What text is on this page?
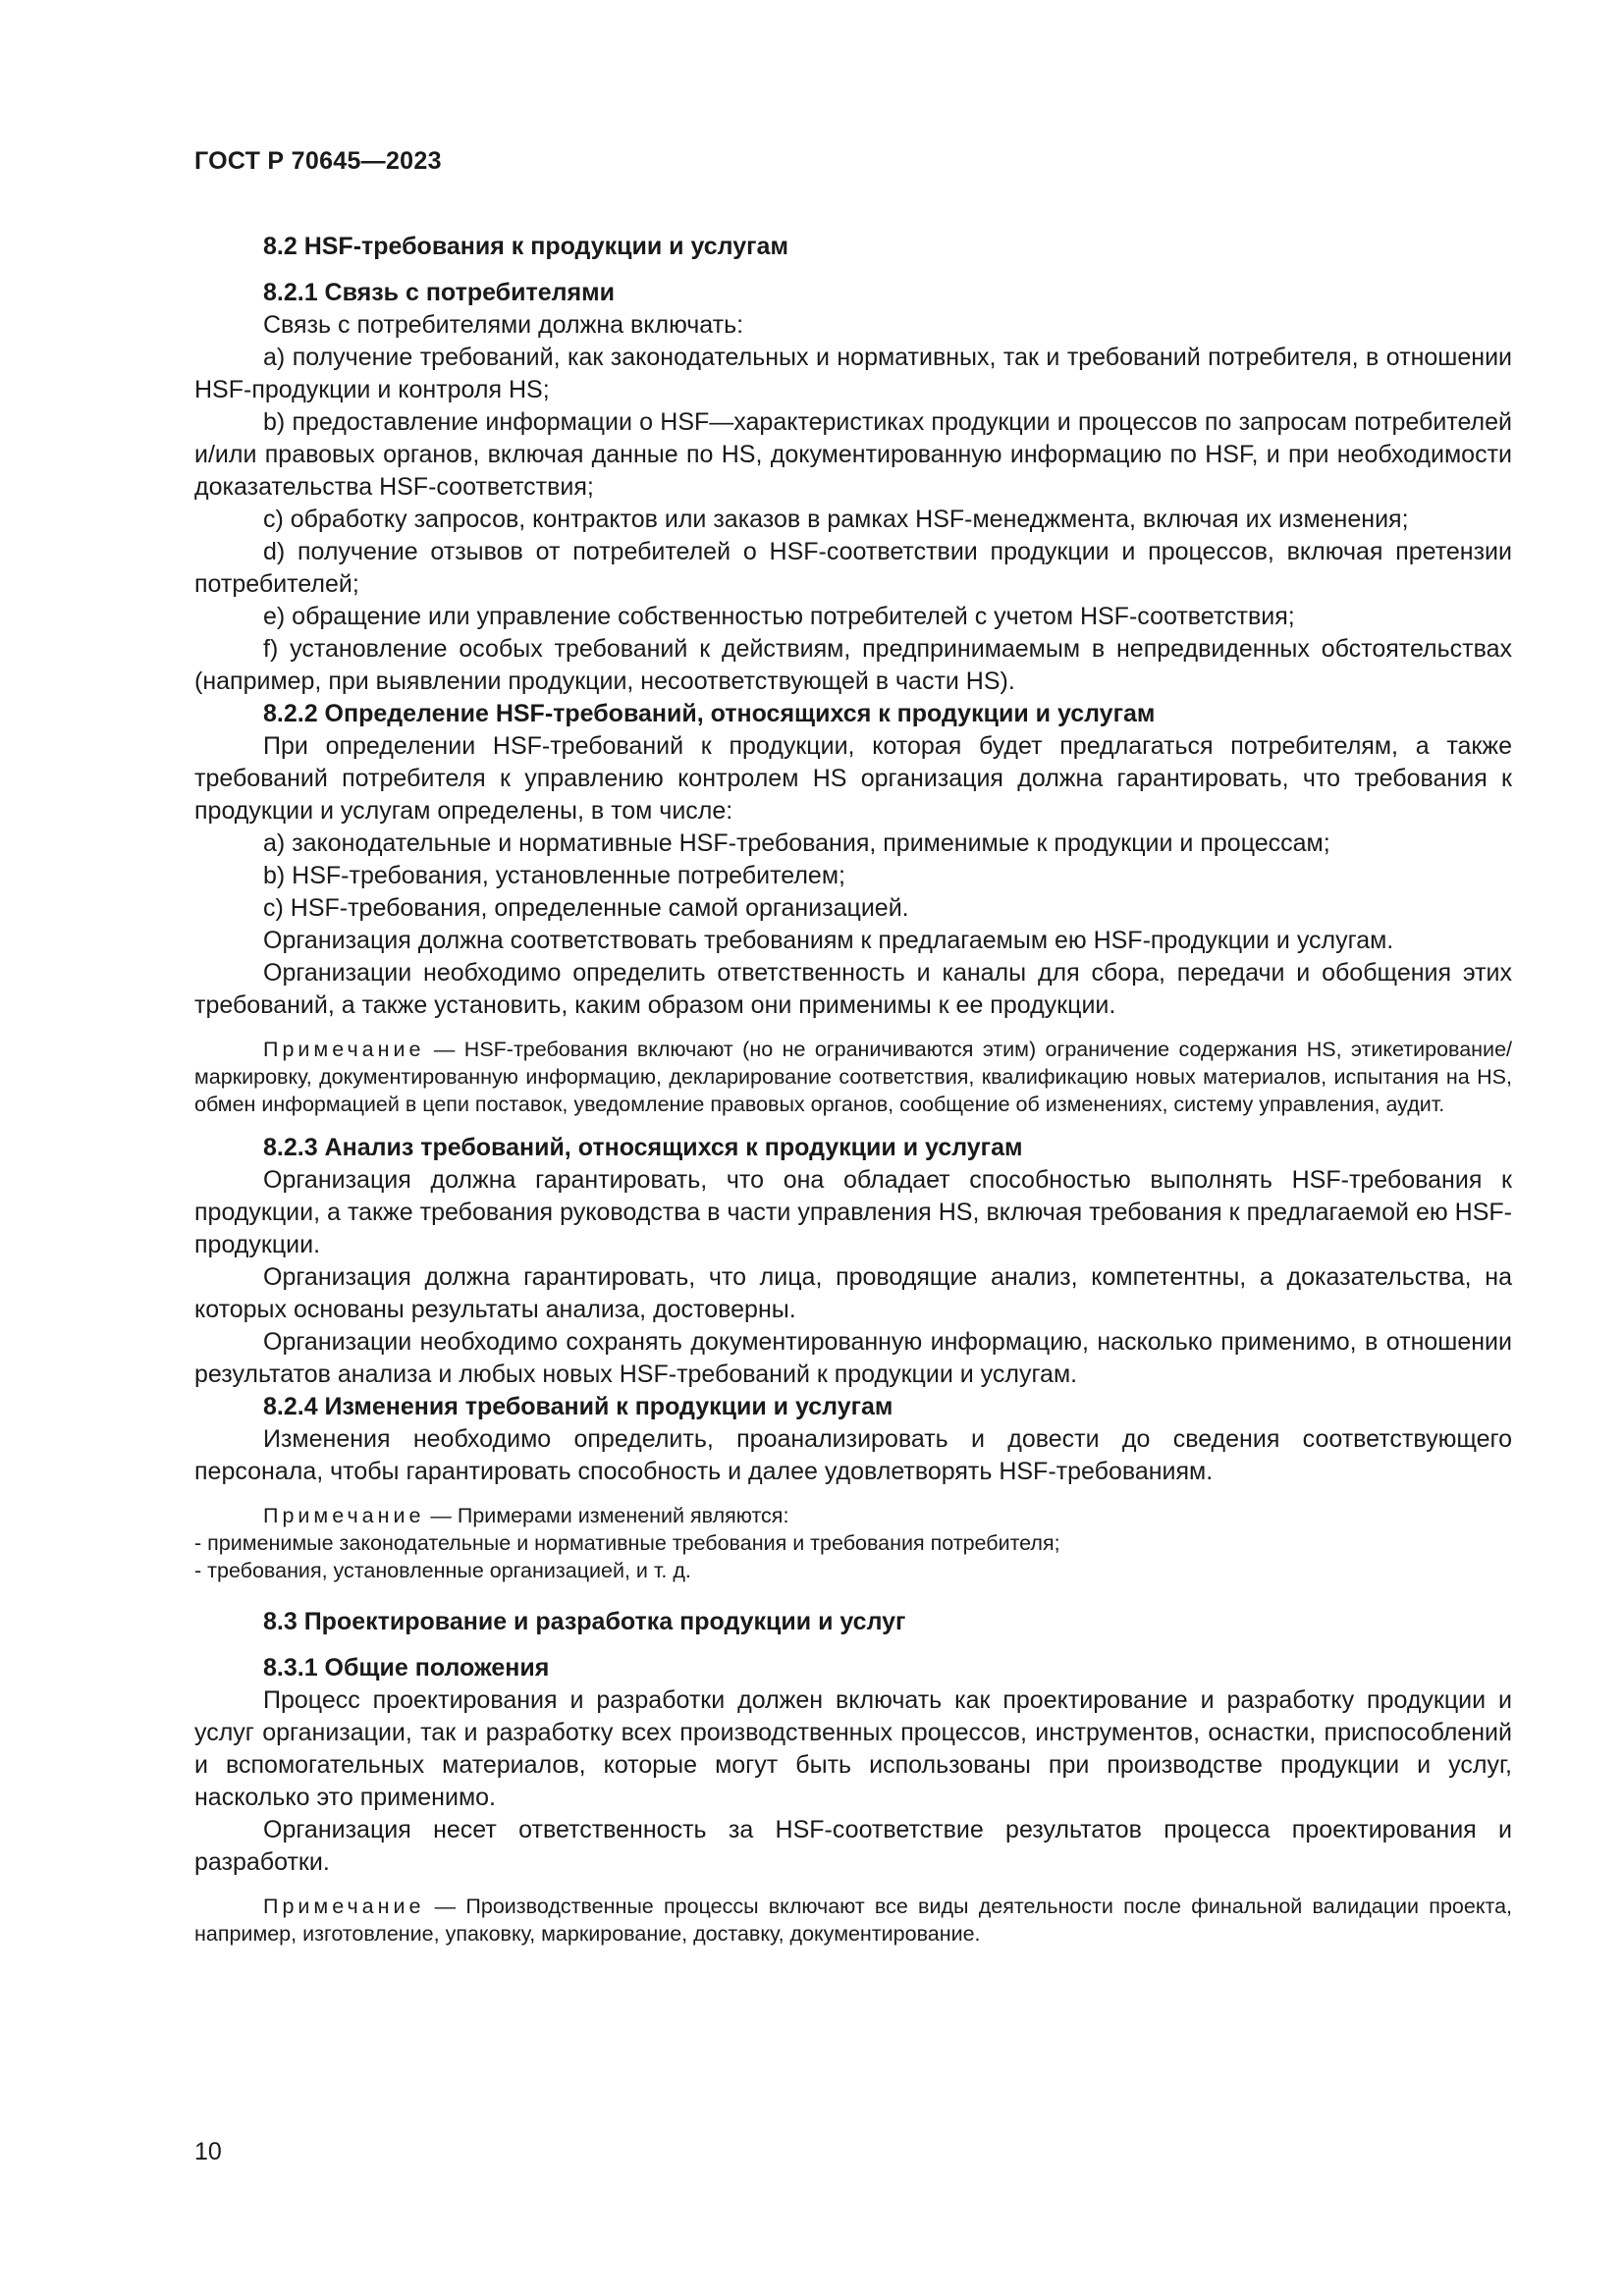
ГОСТ Р 70645—2023
8.2 HSF-требования к продукции и услугам
8.2.1 Связь с потребителями

Связь с потребителями должна включать:

а) получение требований, как законодательных и нормативных, так и требований потребителя, в отношении HSF-продукции и контроля HS;

b) предоставление информации о HSF—характеристиках продукции и процессов по запросам потребителей и/или правовых органов, включая данные по HS, документированную информацию по HSF, и при необходимости доказательства HSF-соответствия;

c) обработку запросов, контрактов или заказов в рамках HSF-менеджмента, включая их изменения;

d) получение отзывов от потребителей о HSF-соответствии продукции и процессов, включая претензии потребителей;

e) обращение или управление собственностью потребителей с учетом HSF-соответствия;

f) установление особых требований к действиям, предпринимаемым в непредвиденных обстоятельствах (например, при выявлении продукции, несоответствующей в части HS).

8.2.2 Определение HSF-требований, относящихся к продукции и услугам

При определении HSF-требований к продукции, которая будет предлагаться потребителям, а также требований потребителя к управлению контролем HS организация должна гарантировать, что требования к продукции и услугам определены, в том числе:

а) законодательные и нормативные HSF-требования, применимые к продукции и процессам;

b) HSF-требования, установленные потребителем;

c) HSF-требования, определенные самой организацией.

Организация должна соответствовать требованиям к предлагаемым ею HSF-продукции и услугам.

Организации необходимо определить ответственность и каналы для сбора, передачи и обобщения этих требований, а также установить, каким образом они применимы к ее продукции.

Примечание — HSF-требования включают (но не ограничиваются этим) ограничение содержания HS, этикетирование/маркировку, документированную информацию, декларирование соответствия, квалификацию новых материалов, испытания на HS, обмен информацией в цепи поставок, уведомление правовых органов, сообщение об изменениях, систему управления, аудит.

8.2.3 Анализ требований, относящихся к продукции и услугам

Организация должна гарантировать, что она обладает способностью выполнять HSF-требования к продукции, а также требования руководства в части управления HS, включая требования к предлагаемой ею HSF-продукции.

Организация должна гарантировать, что лица, проводящие анализ, компетентны, а доказательства, на которых основаны результаты анализа, достоверны.

Организации необходимо сохранять документированную информацию, насколько применимо, в отношении результатов анализа и любых новых HSF-требований к продукции и услугам.

8.2.4 Изменения требований к продукции и услугам

Изменения необходимо определить, проанализировать и довести до сведения соответствующего персонала, чтобы гарантировать способность и далее удовлетворять HSF-требованиям.

Примечание — Примерами изменений являются:

- применимые законодательные и нормативные требования и требования потребителя;

- требования, установленные организацией, и т. д.

8.3 Проектирование и разработка продукции и услуг
8.3.1 Общие положения

Процесс проектирования и разработки должен включать как проектирование и разработку продукции и услуг организации, так и разработку всех производственных процессов, инструментов, оснастки, приспособлений и вспомогательных материалов, которые могут быть использованы при производстве продукции и услуг, насколько это применимо.

Организация несет ответственность за HSF-соответствие результатов процесса проектирования и разработки.

Примечание — Производственные процессы включают все виды деятельности после финальной валидации проекта, например, изготовление, упаковку, маркирование, доставку, документирование.

10
